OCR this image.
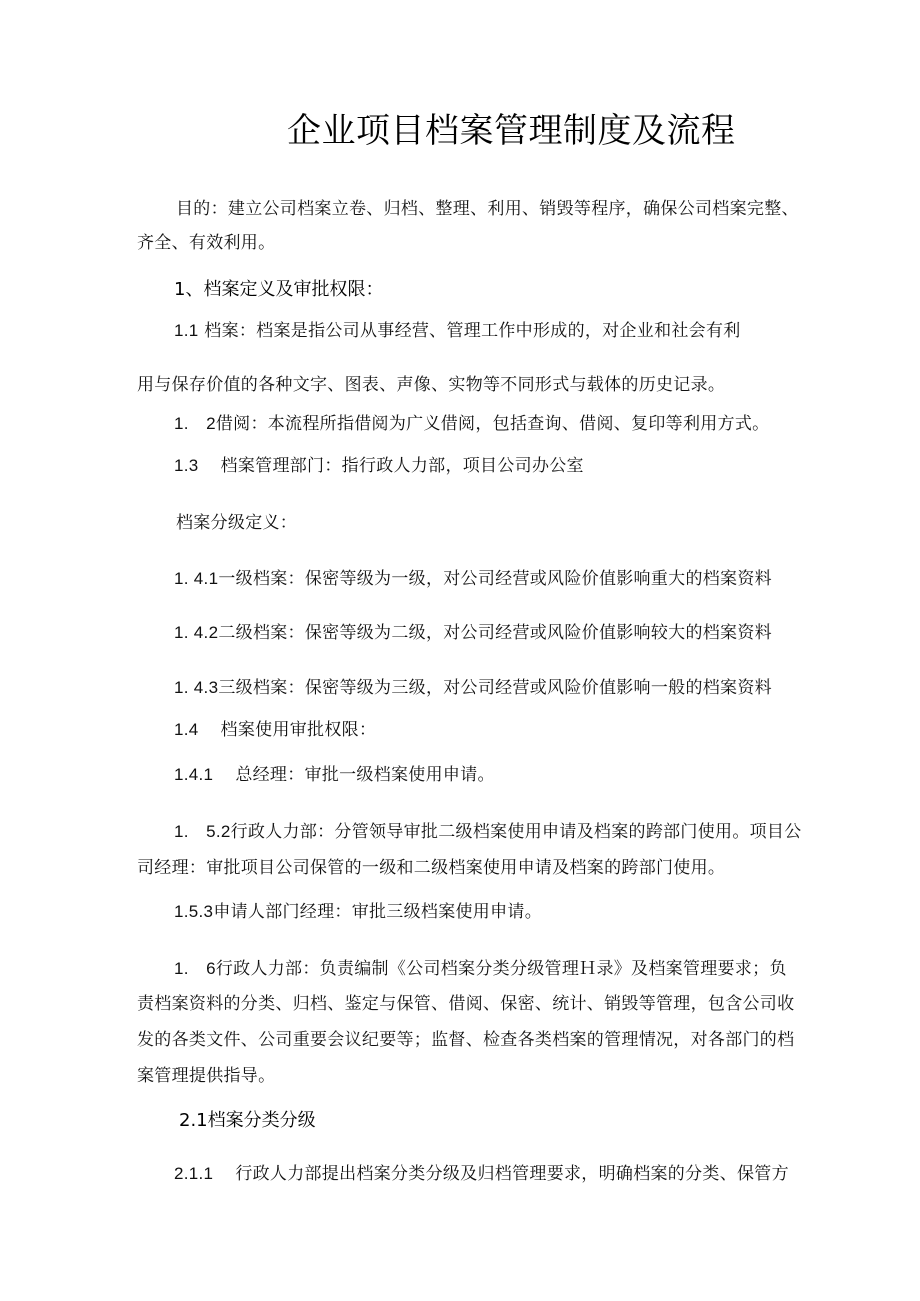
企业项目档案管理制度及流程
目的：建立公司档案立卷、归档、整理、利用、销毁等程序，确保公司档案完整、
齐全、有效利用。
1、档案定义及审批权限：
1.1 档案：档案是指公司从事经营、管理工作中形成的，对企业和社会有利
用与保存价值的各种文字、图表、声像、实物等不同形式与载体的历史记录。
1.　2借阅：本流程所指借阅为广义借阅，包括查询、借阅、复印等利用方式。
1.3 档案管理部门：指行政人力部，项目公司办公室
档案分级定义：
1. 4.1一级档案：保密等级为一级，对公司经营或风险价值影响重大的档案资料
1. 4.2二级档案：保密等级为二级，对公司经营或风险价值影响较大的档案资料
1. 4.3三级档案：保密等级为三级，对公司经营或风险价值影响一般的档案资料
1.4 档案使用审批权限：
1.4.1 总经理：审批一级档案使用申请。
1.　5.2行政人力部：分管领导审批二级档案使用申请及档案的跨部门使用。项目公
司经理：审批项目公司保管的一级和二级档案使用申请及档案的跨部门使用。
1.5.3申请人部门经理：审批三级档案使用申请。
1.　6行政人力部：负责编制《公司档案分类分级管理Ｈ录》及档案管理要求；负
责档案资料的分类、归档、鉴定与保管、借阅、保密、统计、销毁等管理，包含公司收
发的各类文件、公司重要会议纪要等；监督、检查各类档案的管理情况，对各部门的档
案管理提供指导。
2.1档案分类分级
2.1.1 行政人力部提出档案分类分级及归档管理要求，明确档案的分类、保管方
